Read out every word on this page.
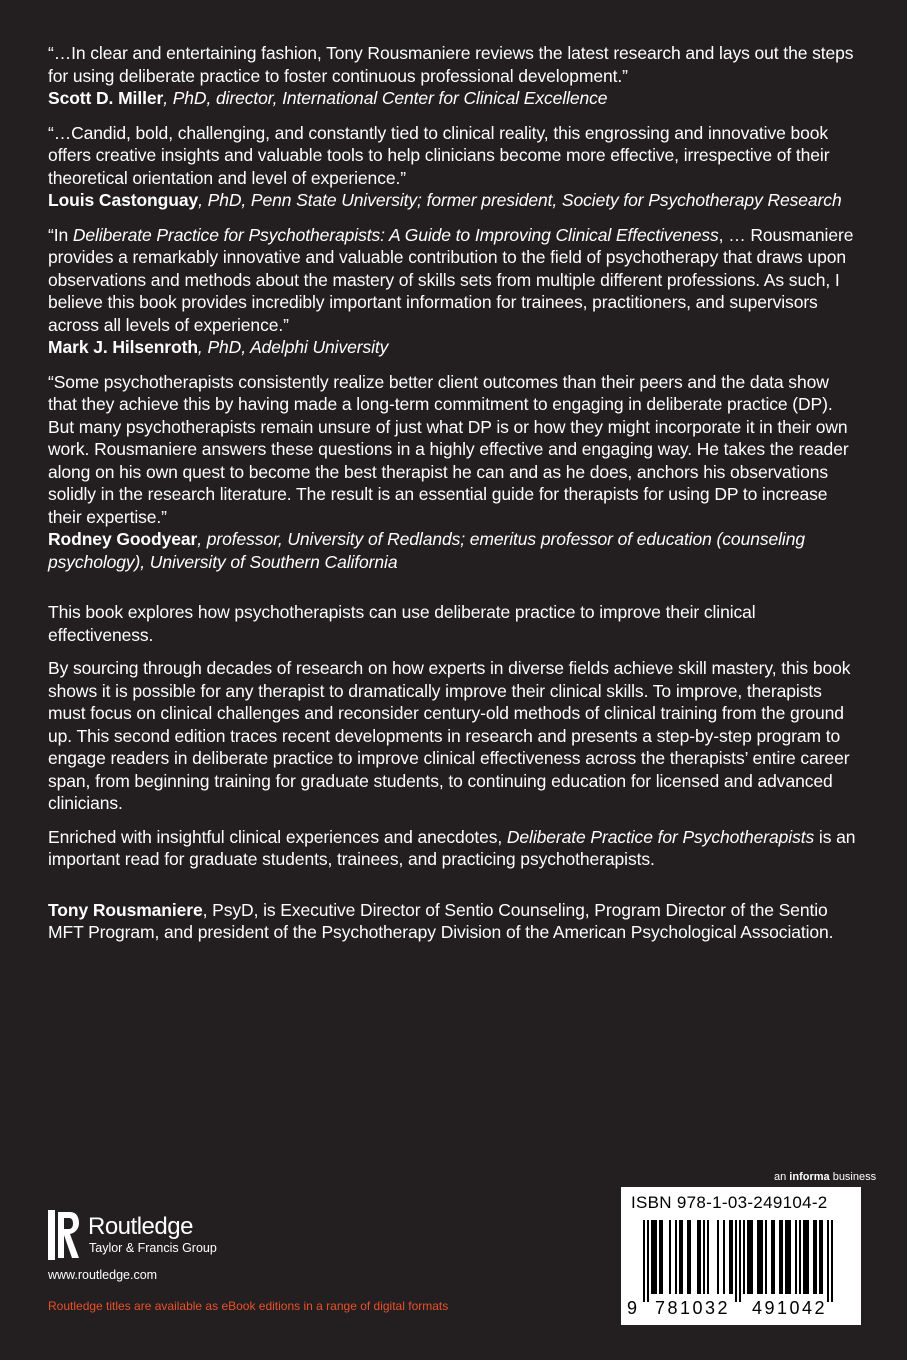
“…In clear and entertaining fashion, Tony Rousmaniere reviews the latest research and lays out the steps for using deliberate practice to foster continuous professional development.”

Scott D. Miller, PhD, director, International Center for Clinical Excellence

“…Candid, bold, challenging, and constantly tied to clinical reality, this engrossing and innovative book offers creative insights and valuable tools to help clinicians become more effective, irrespective of their theoretical orientation and level of experience.”

Louis Castonguay, PhD, Penn State University; former president, Society for Psychotherapy Research

“In Deliberate Practice for Psychotherapists: A Guide to Improving Clinical Effectiveness, … Rousmaniere provides a remarkably innovative and valuable contribution to the field of psychotherapy that draws upon observations and methods about the mastery of skills sets from multiple different professions. As such, I believe this book provides incredibly important information for trainees, practitioners, and supervisors across all levels of experience.”

Mark J. Hilsenroth, PhD, Adelphi University

“Some psychotherapists consistently realize better client outcomes than their peers and the data show that they achieve this by having made a long-term commitment to engaging in deliberate practice (DP). But many psychotherapists remain unsure of just what DP is or how they might incorporate it in their own work. Rousmaniere answers these questions in a highly effective and engaging way. He takes the reader along on his own quest to become the best therapist he can and as he does, anchors his observations solidly in the research literature. The result is an essential guide for therapists for using DP to increase their expertise.”

Rodney Goodyear, professor, University of Redlands; emeritus professor of education (counseling psychology), University of Southern California

This book explores how psychotherapists can use deliberate practice to improve their clinical effectiveness.

By sourcing through decades of research on how experts in diverse fields achieve skill mastery, this book shows it is possible for any therapist to dramatically improve their clinical skills. To improve, therapists must focus on clinical challenges and reconsider century-old methods of clinical training from the ground up. This second edition traces recent developments in research and presents a step-by-step program to engage readers in deliberate practice to improve clinical effectiveness across the therapists’ entire career span, from beginning training for graduate students, to continuing education for licensed and advanced clinicians.

Enriched with insightful clinical experiences and anecdotes, Deliberate Practice for Psychotherapists is an important read for graduate students, trainees, and practicing psychotherapists.

Tony Rousmaniere, PsyD, is Executive Director of Sentio Counseling, Program Director of the Sentio MFT Program, and president of the Psychotherapy Division of the American Psychological Association.

Routledge
Taylor & Francis Group
www.routledge.com
Routledge titles are available as eBook editions in a range of digital formats
an informa business
ISBN 978-1-03-249104-2
9 781032 491042
